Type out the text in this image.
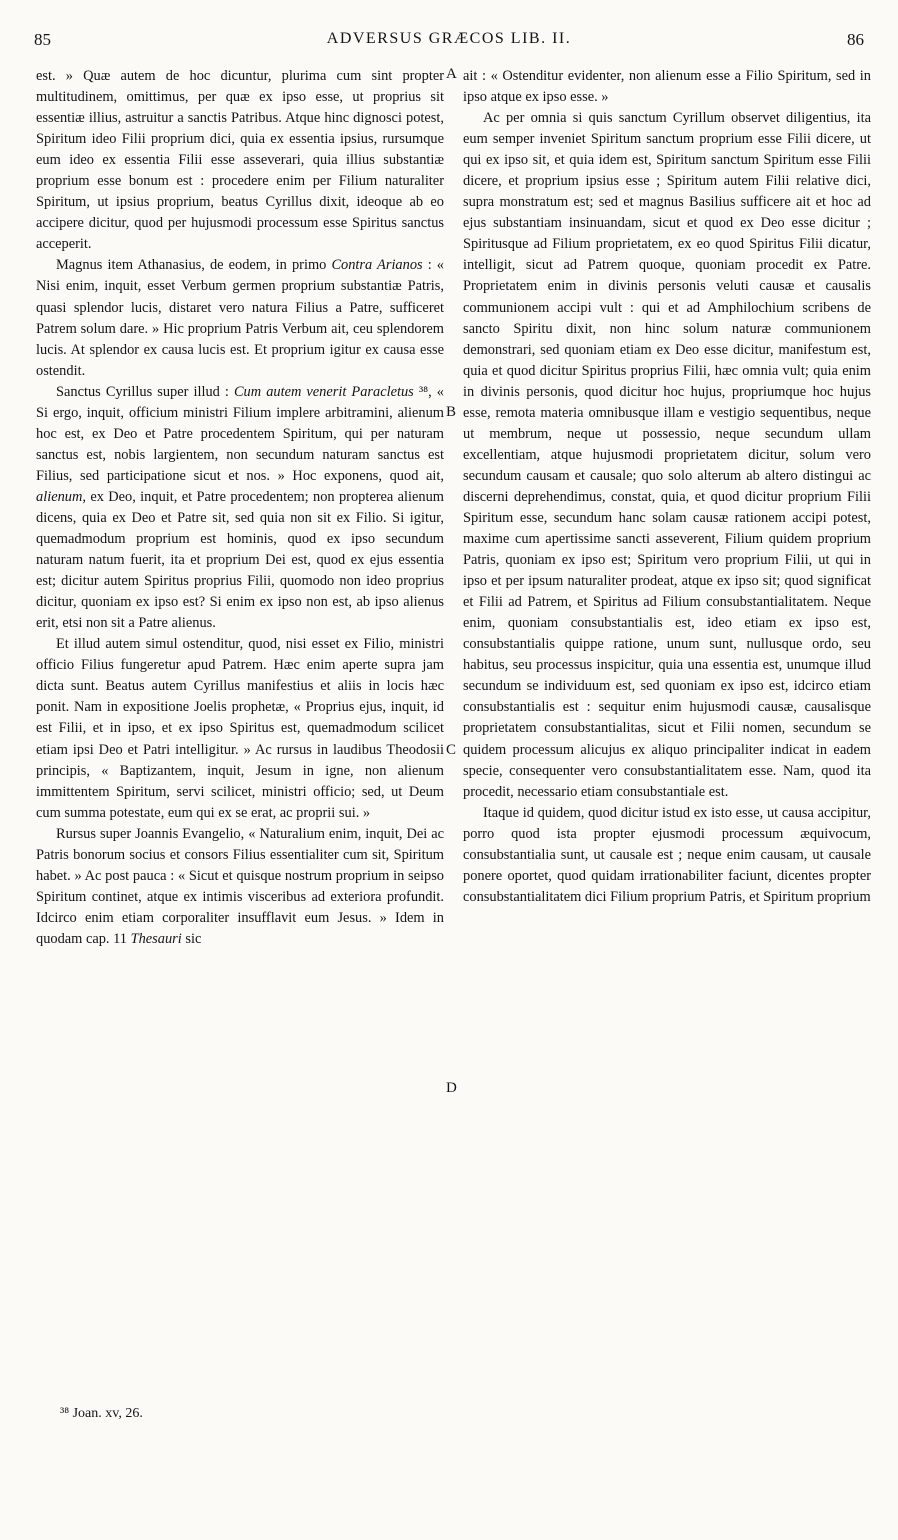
85	ADVERSUS GRÆCOS LIB. II.	86

est. » Quæ autem de hoc dicuntur, plurima cum sint propter multitudinem, omittimus, per quæ ex ipso esse, ut proprius sit essentiæ illius, astruitur a sanctis Patribus. Atque hinc dignosci potest, Spiritum ideo Filii proprium dici, quia ex essentia ipsius, rursumque eum ideo ex essentia Filii esse asseverari, quia illius substantiæ proprium esse bonum est : procedere enim per Filium naturaliter Spiritum, ut ipsius proprium, beatus Cyrillus dixit, ideoque ab eo accipere dicitur, quod per hujusmodi processum esse Spiritus sanctus acceperit.

Magnus item Athanasius, de eodem, in primo Contra Arianos : « Nisi enim, inquit, esset Verbum germen proprium substantiæ Patris, quasi splendor lucis, distaret vero natura Filius a Patre, sufficeret Patrem solum dare. » Hic proprium Patris Verbum ait, ceu splendorem lucis. At splendor ex causa lucis est. Et proprium igitur ex causa esse ostendit.

Sanctus Cyrillus super illud : Cum autem venerit Paracletus ³⁸, « Si ergo, inquit, officium ministri Filium implere arbitramini, alienum hoc est, ex Deo et Patre procedentem Spiritum, qui per naturam sanctus est, nobis largientem, non secundum naturam sanctus est Filius, sed participatione sicut et nos. » Hoc exponens, quod ait, alienum, ex Deo, inquit, et Patre procedentem; non propterea alienum dicens, quia ex Deo et Patre sit, sed quia non sit ex Filio. Si igitur, quemadmodum proprium est hominis, quod ex ipso secundum naturam natum fuerit, ita et proprium Dei est, quod ex ejus essentia est; dicitur autem Spiritus proprius Filii, quomodo non ideo proprius dicitur, quoniam ex ipso est? Si enim ex ipso non est, ab ipso alienus erit, etsi non sit a Patre alienus.

Et illud autem simul ostenditur, quod, nisi esset ex Filio, ministri officio Filius fungeretur apud Patrem. Hæc enim aperte supra jam dicta sunt. Beatus autem Cyrillus manifestius et aliis in locis hæc ponit. Nam in expositione Joelis prophetæ, « Proprius ejus, inquit, id est Filii, et in ipso, et ex ipso Spiritus est, quemadmodum scilicet etiam ipsi Deo et Patri intelligitur. » Ac rursus in laudibus Theodosii principis, « Baptizantem, inquit, Jesum in igne, non alienum immittentem Spiritum, servi scilicet, ministri officio; sed, ut Deum cum summa potestate, eum qui ex se erat, ac proprii sui. »

Rursus super Joannis Evangelio, « Naturalium enim, inquit, Dei ac Patris bonorum socius et consors Filius essentialiter cum sit, Spiritum habet. » Ac post pauca : « Sicut et quisque nostrum proprium in seipso Spiritum continet, atque ex intimis visceribus ad exteriora profundit. Idcirco enim etiam corporaliter insufflavit eum Jesus. » Idem in quodam cap. 11 Thesauri sic

A
B
C
D

ait : « Ostenditur evidenter, non alienum esse a Filio Spiritum, sed in ipso atque ex ipso esse. »

Ac per omnia si quis sanctum Cyrillum observet diligentius, ita eum semper inveniet Spiritum sanctum proprium esse Filii dicere, ut qui ex ipso sit, et quia idem est, Spiritum sanctum Spiritum esse Filii dicere, et proprium ipsius esse ; Spiritum autem Filii relative dici, supra monstratum est; sed et magnus Basilius sufficere ait et hoc ad ejus substantiam insinuandam, sicut et quod ex Deo esse dicitur ; Spiritusque ad Filium proprietatem, ex eo quod Spiritus Filii dicatur, intelligit, sicut ad Patrem quoque, quoniam procedit ex Patre. Proprietatem enim in divinis personis veluti causæ et causalis communionem accipi vult : qui et ad Amphilochium scribens de sancto Spiritu dixit, non hinc solum naturæ communionem demonstrari, sed quoniam etiam ex Deo esse dicitur, manifestum est, quia et quod dicitur Spiritus proprius Filii, hæc omnia vult; quia enim in divinis personis, quod dicitur hoc hujus, propriumque hoc hujus esse, remota materia omnibusque illam e vestigio sequentibus, neque ut membrum, neque ut possessio, neque secundum ullam excellentiam, atque hujusmodi proprietatem dicitur, solum vero secundum causam et causale; quo solo alterum ab altero distingui ac discerni deprehendimus, constat, quia, et quod dicitur proprium Filii Spiritum esse, secundum hanc solam causæ rationem accipi potest, maxime cum apertissime sancti asseverent, Filium quidem proprium Patris, quoniam ex ipso est; Spiritum vero proprium Filii, ut qui in ipso et per ipsum naturaliter prodeat, atque ex ipso sit; quod significat et Filii ad Patrem, et Spiritus ad Filium consubstantialitatem. Neque enim, quoniam consubstantialis est, ideo etiam ex ipso est, consubstantialis quippe ratione, unum sunt, nullusque ordo, seu habitus, seu processus inspicitur, quia una essentia est, unumque illud secundum se individuum est, sed quoniam ex ipso est, idcirco etiam consubstantialis est : sequitur enim hujusmodi causæ, causalisque proprietatem consubstantialitas, sicut et Filii nomen, secundum se quidem processum alicujus ex aliquo principaliter indicat in eadem specie, consequenter vero consubstantialitatem esse. Nam, quod ita procedit, necessario etiam consubstantiale est.

Itaque id quidem, quod dicitur istud ex isto esse, ut causa accipitur, porro quod ista propter ejusmodi processum æquivocum, consubstantialia sunt, ut causale est ; neque enim causam, ut causale ponere oportet, quod quidam irrationabiliter faciunt, dicentes propter consubstantialitatem dici Filium proprium Patris, et Spiritum proprium

³⁸ Joan. xv, 26.
